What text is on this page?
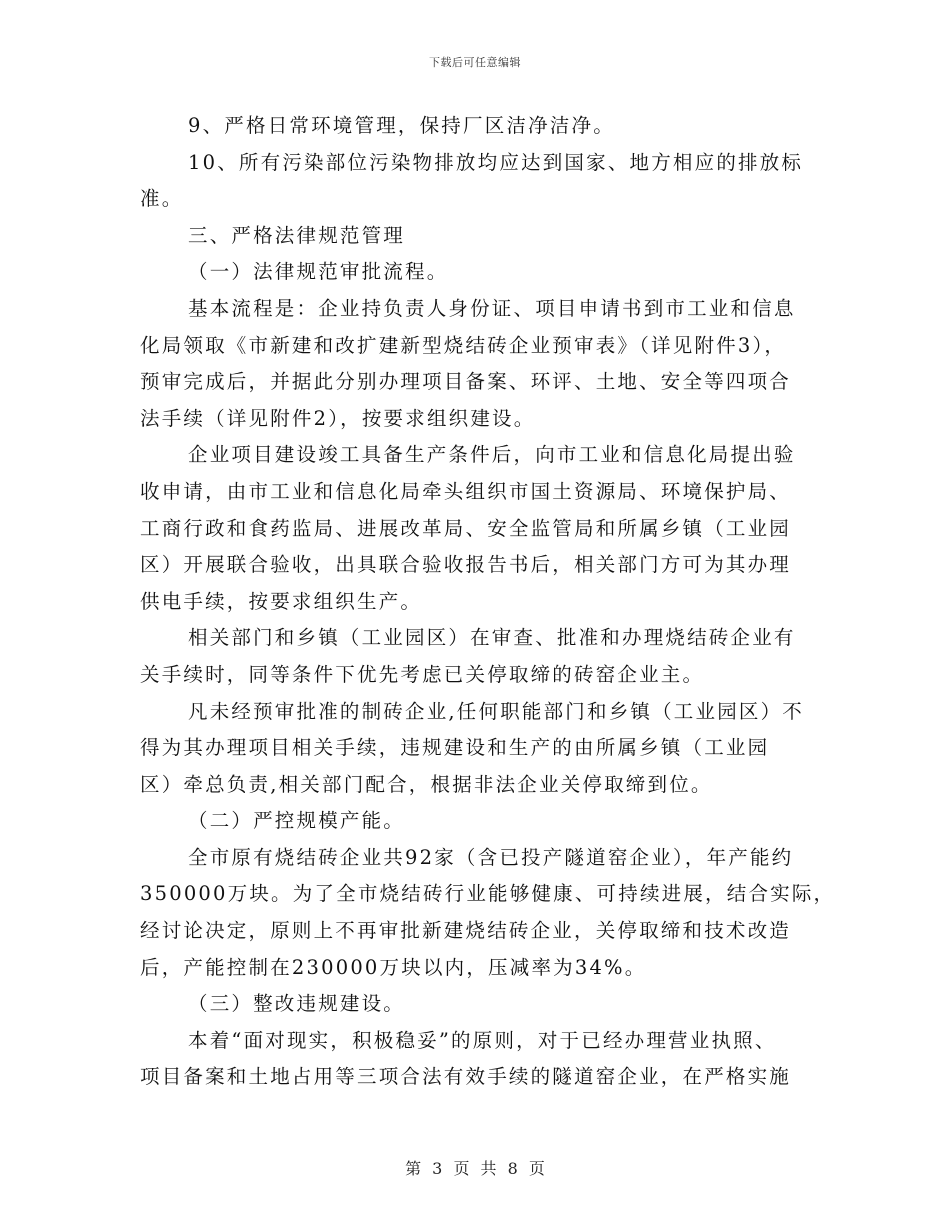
下载后可任意编辑
9、严格日常环境管理，保持厂区洁净洁净。
10、所有污染部位污染物排放均应达到国家、地方相应的排放标
准。
三、严格法律规范管理
（一）法律规范审批流程。
基本流程是：企业持负责人身份证、项目申请书到市工业和信息
化局领取《市新建和改扩建新型烧结砖企业预审表》（详见附件3），
预审完成后，并据此分别办理项目备案、环评、土地、安全等四项合
法手续（详见附件2），按要求组织建设。
企业项目建设竣工具备生产条件后，向市工业和信息化局提出验
收申请，由市工业和信息化局牵头组织市国土资源局、环境保护局、
工商行政和食药监局、进展改革局、安全监管局和所属乡镇（工业园
区）开展联合验收，出具联合验收报告书后，相关部门方可为其办理
供电手续，按要求组织生产。
相关部门和乡镇（工业园区）在审查、批准和办理烧结砖企业有
关手续时，同等条件下优先考虑已关停取缔的砖窑企业主。
凡未经预审批准的制砖企业,任何职能部门和乡镇（工业园区）不
得为其办理项目相关手续，违规建设和生产的由所属乡镇（工业园
区）牵总负责,相关部门配合，根据非法企业关停取缔到位。
（二）严控规模产能。
全市原有烧结砖企业共92家（含已投产隧道窑企业），年产能约
350000万块。为了全市烧结砖行业能够健康、可持续进展，结合实际，
经讨论决定，原则上不再审批新建烧结砖企业，关停取缔和技术改造
后，产能控制在230000万块以内，压减率为34%。
（三）整改违规建设。
本着“面对现实，积极稳妥”的原则，对于已经办理营业执照、
项目备案和土地占用等三项合法有效手续的隧道窑企业，在严格实施
第 3 页 共 8 页
